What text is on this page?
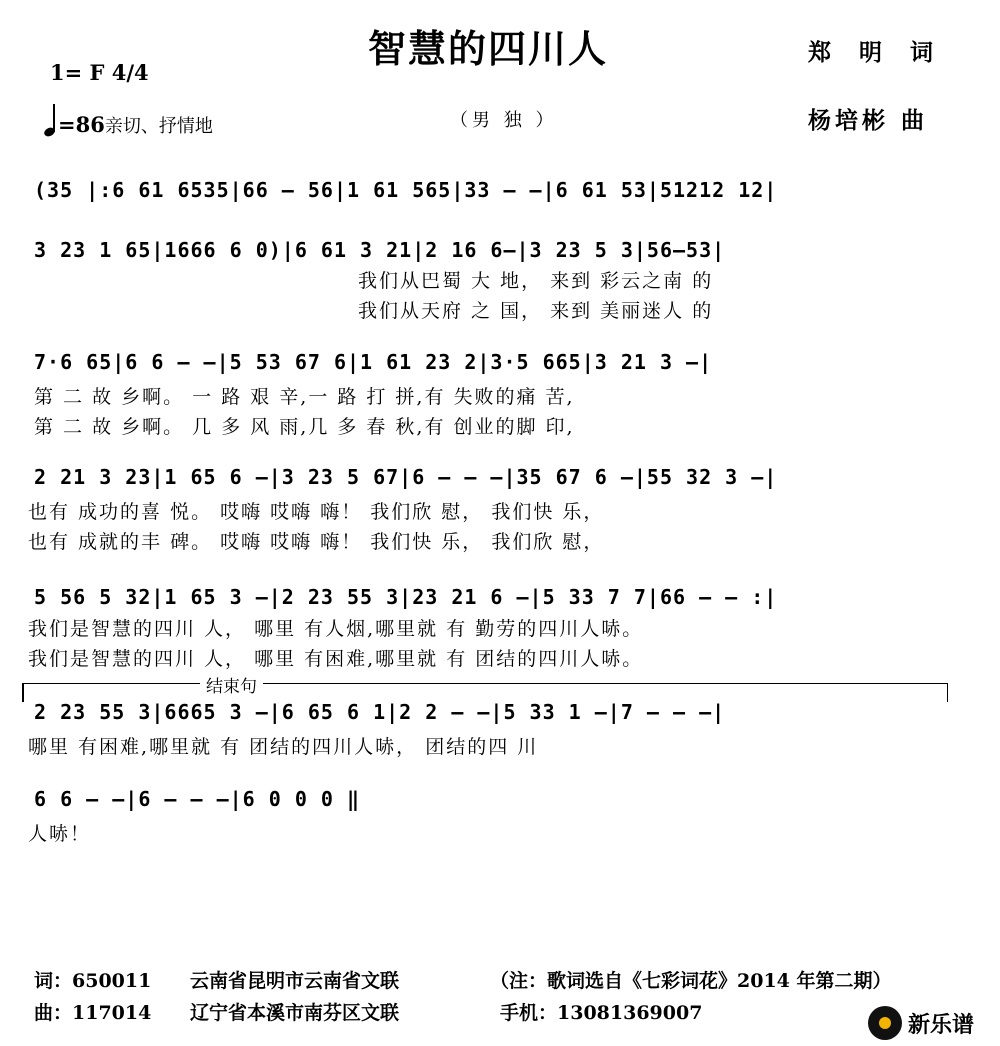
智慧的四川人	郑 明 词
1= F 4/4
=86亲切、抒情地	（男 独 ）	杨培彬 曲
(35 |:6 61 6535|66 — 56|1 61 565|33 — —|6 61 53|51212 12|
3 23 1 65|1666 6 0)|6 61 3 21|2 16 6—|3 23 5 3|56—53|
我们从巴蜀 大 地， 来到 彩云之南 的
我们从天府 之 国， 来到 美丽迷人 的
7·6 65|6 6 — —|5 53 67 6|1 61 23 2|3·5 665|3 21 3 —|
第 二 故 乡啊。 一 路 艰 辛,一 路 打 拼,有 失败的痛 苦,
第 二 故 乡啊。 几 多 风 雨,几 多 春 秋,有 创业的脚 印,
2 21 3 23|1 65 6 —|3 23 5 67|6 — — —|35 67 6 —|55 32 3 —|
也有 成功的喜 悦。 哎嗨 哎嗨 嗨！ 我们欣 慰， 我们快 乐，
也有 成就的丰 碑。 哎嗨 哎嗨 嗨！ 我们快 乐， 我们欣 慰，
5 56 5 32|1 65 3 —|2 23 55 3|23 21 6 —|5 33 7 7|66 — — :|
我们是智慧的四川 人， 哪里 有人烟,哪里就 有 勤劳的四川人哧。
我们是智慧的四川 人， 哪里 有困难,哪里就 有 团结的四川人哧。
结束句
2 23 55 3|6665 3 —|6 65 6 1|2 2 — —|5 33 1 —|7 — — —|
哪里 有困难,哪里就 有 团结的四川人哧， 团结的四 川
6 6 — —|6 — — —|6 0 0 0 ‖
人哧！
词：650011 云南省昆明市云南省文联	（注：歌词选自《七彩词花》2014 年第二期）
曲：117014 辽宁省本溪市南芬区文联	手机：13081369007	新乐谱
